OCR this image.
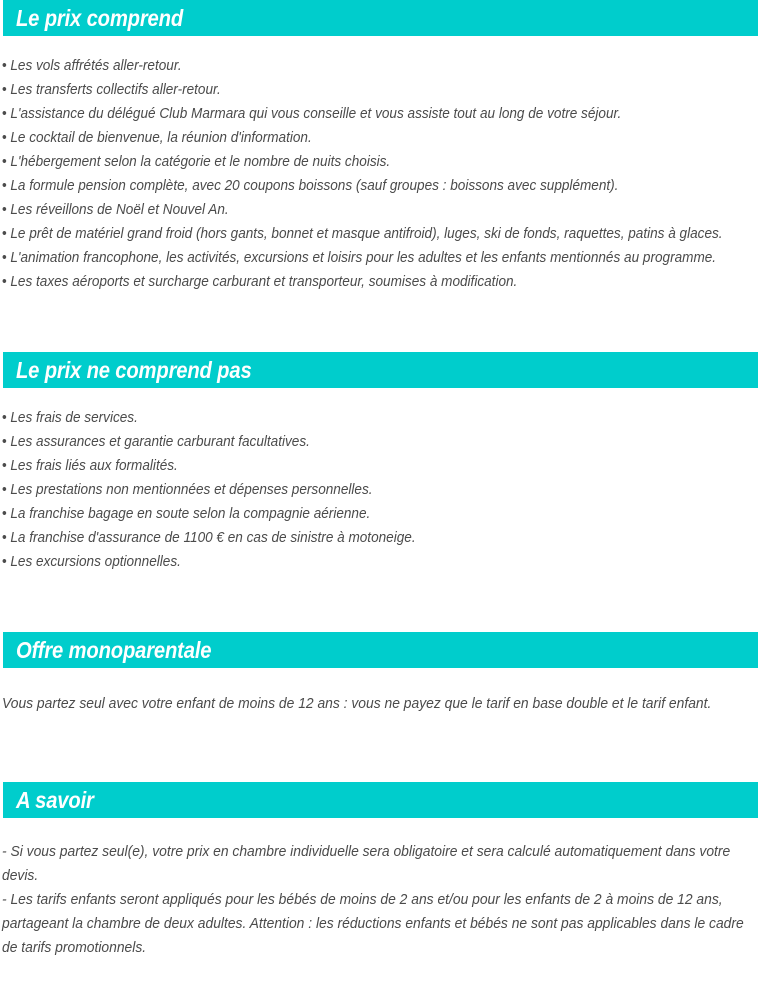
Le prix comprend
• Les vols affrétés aller-retour.
• Les transferts collectifs aller-retour.
• L'assistance du délégué Club Marmara qui vous conseille et vous assiste tout au long de votre séjour.
• Le cocktail de bienvenue, la réunion d'information.
• L'hébergement selon la catégorie et le nombre de nuits choisis.
• La formule pension complète, avec 20 coupons boissons (sauf groupes : boissons avec supplément).
• Les réveillons de Noël et Nouvel An.
• Le prêt de matériel grand froid (hors gants, bonnet et masque antifroid), luges, ski de fonds, raquettes, patins à glaces.
• L'animation francophone, les activités, excursions et loisirs pour les adultes et les enfants mentionnés au programme.
• Les taxes aéroports et surcharge carburant et transporteur, soumises à modification.
Le prix ne comprend pas
• Les frais de services.
• Les assurances et garantie carburant facultatives.
• Les frais liés aux formalités.
• Les prestations non mentionnées et dépenses personnelles.
• La franchise bagage en soute selon la compagnie aérienne.
• La franchise d'assurance de 1100 € en cas de sinistre à motoneige.
• Les excursions optionnelles.
Offre monoparentale

Vous partez seul avec votre enfant de moins de 12 ans : vous ne payez que le tarif en base double et le tarif enfant.

A savoir

- Si vous partez seul(e), votre prix en chambre individuelle sera obligatoire et sera calculé automatiquement dans votre devis.

- Les tarifs enfants seront appliqués pour les bébés de moins de 2 ans et/ou pour les enfants de 2 à moins de 12 ans, partageant la chambre de deux adultes. Attention : les réductions enfants et bébés ne sont pas applicables dans le cadre de tarifs promotionnels.
